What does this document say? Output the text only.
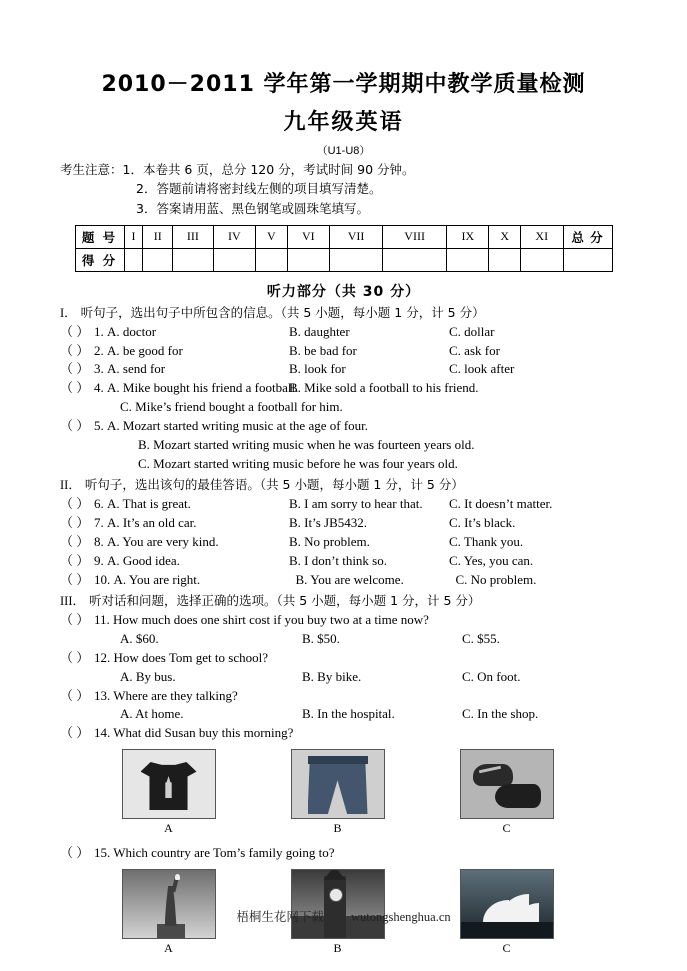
2010－2011 学年第一学期期中教学质量检测
九年级英语
（U1-U8）
考生注意：1．本卷共 6 页，总分 120 分，考试时间 90 分钟。
2．答题前请将密封线左侧的项目填写清楚。
3．答案请用蓝、黑色钢笔或圆珠笔填写。
题 号	I	II	III	IV	V	VI	VII	VIII	IX	X	XI	总 分
得 分												
听力部分（共 30 分）
I． 听句子，选出句子中所包含的信息。（共 5 小题，每小题 1 分，计 5 分）
（ ） 1. A. doctor	B. daughter	C. dollar
（ ） 2. A. be good for	B. be bad for	C. ask for
（ ） 3. A. send for	B. look for	C. look after
（ ） 4. A. Mike bought his friend a football.B. Mike sold a football to his friend.
C. Mike’s friend bought a football for him.
（ ） 5. A. Mozart started writing music at the age of four.
B. Mozart started writing music when he was fourteen years old.
C. Mozart started writing music before he was four years old.
II． 听句子，选出该句的最佳答语。（共 5 小题，每小题 1 分，计 5 分）
（ ） 6. A. That is great.	B. I am sorry to hear that. C. It doesn’t matter.
（ ） 7. A. It’s an old car.	B. It’s JB5432.	C. It’s black.
（ ） 8. A. You are very kind.	B. No problem.	C. Thank you.
（ ） 9. A. Good idea.	B. I don’t think so.	C. Yes, you can.
（ ） 10. A. You are right.	B. You are welcome.	C. No problem.
III． 听对话和问题，选择正确的选项。（共 5 小题，每小题 1 分，计 5 分）
（ ） 11. How much does one shirt cost if you buy two at a time now?
A. $60.	B. $50.	C. $55.
（ ） 12. How does Tom get to school?
A. By bus.	B. By bike.	C. On foot.
（ ） 13. Where are they talking?
A. At home.	B. In the hospital.	C. In the shop.
（ ） 14. What did Susan buy this morning?
A	B	C
（ ） 15. Which country are Tom’s family going to?
A	B	C
梧桐生花网下载 wutongshenghua.cn
